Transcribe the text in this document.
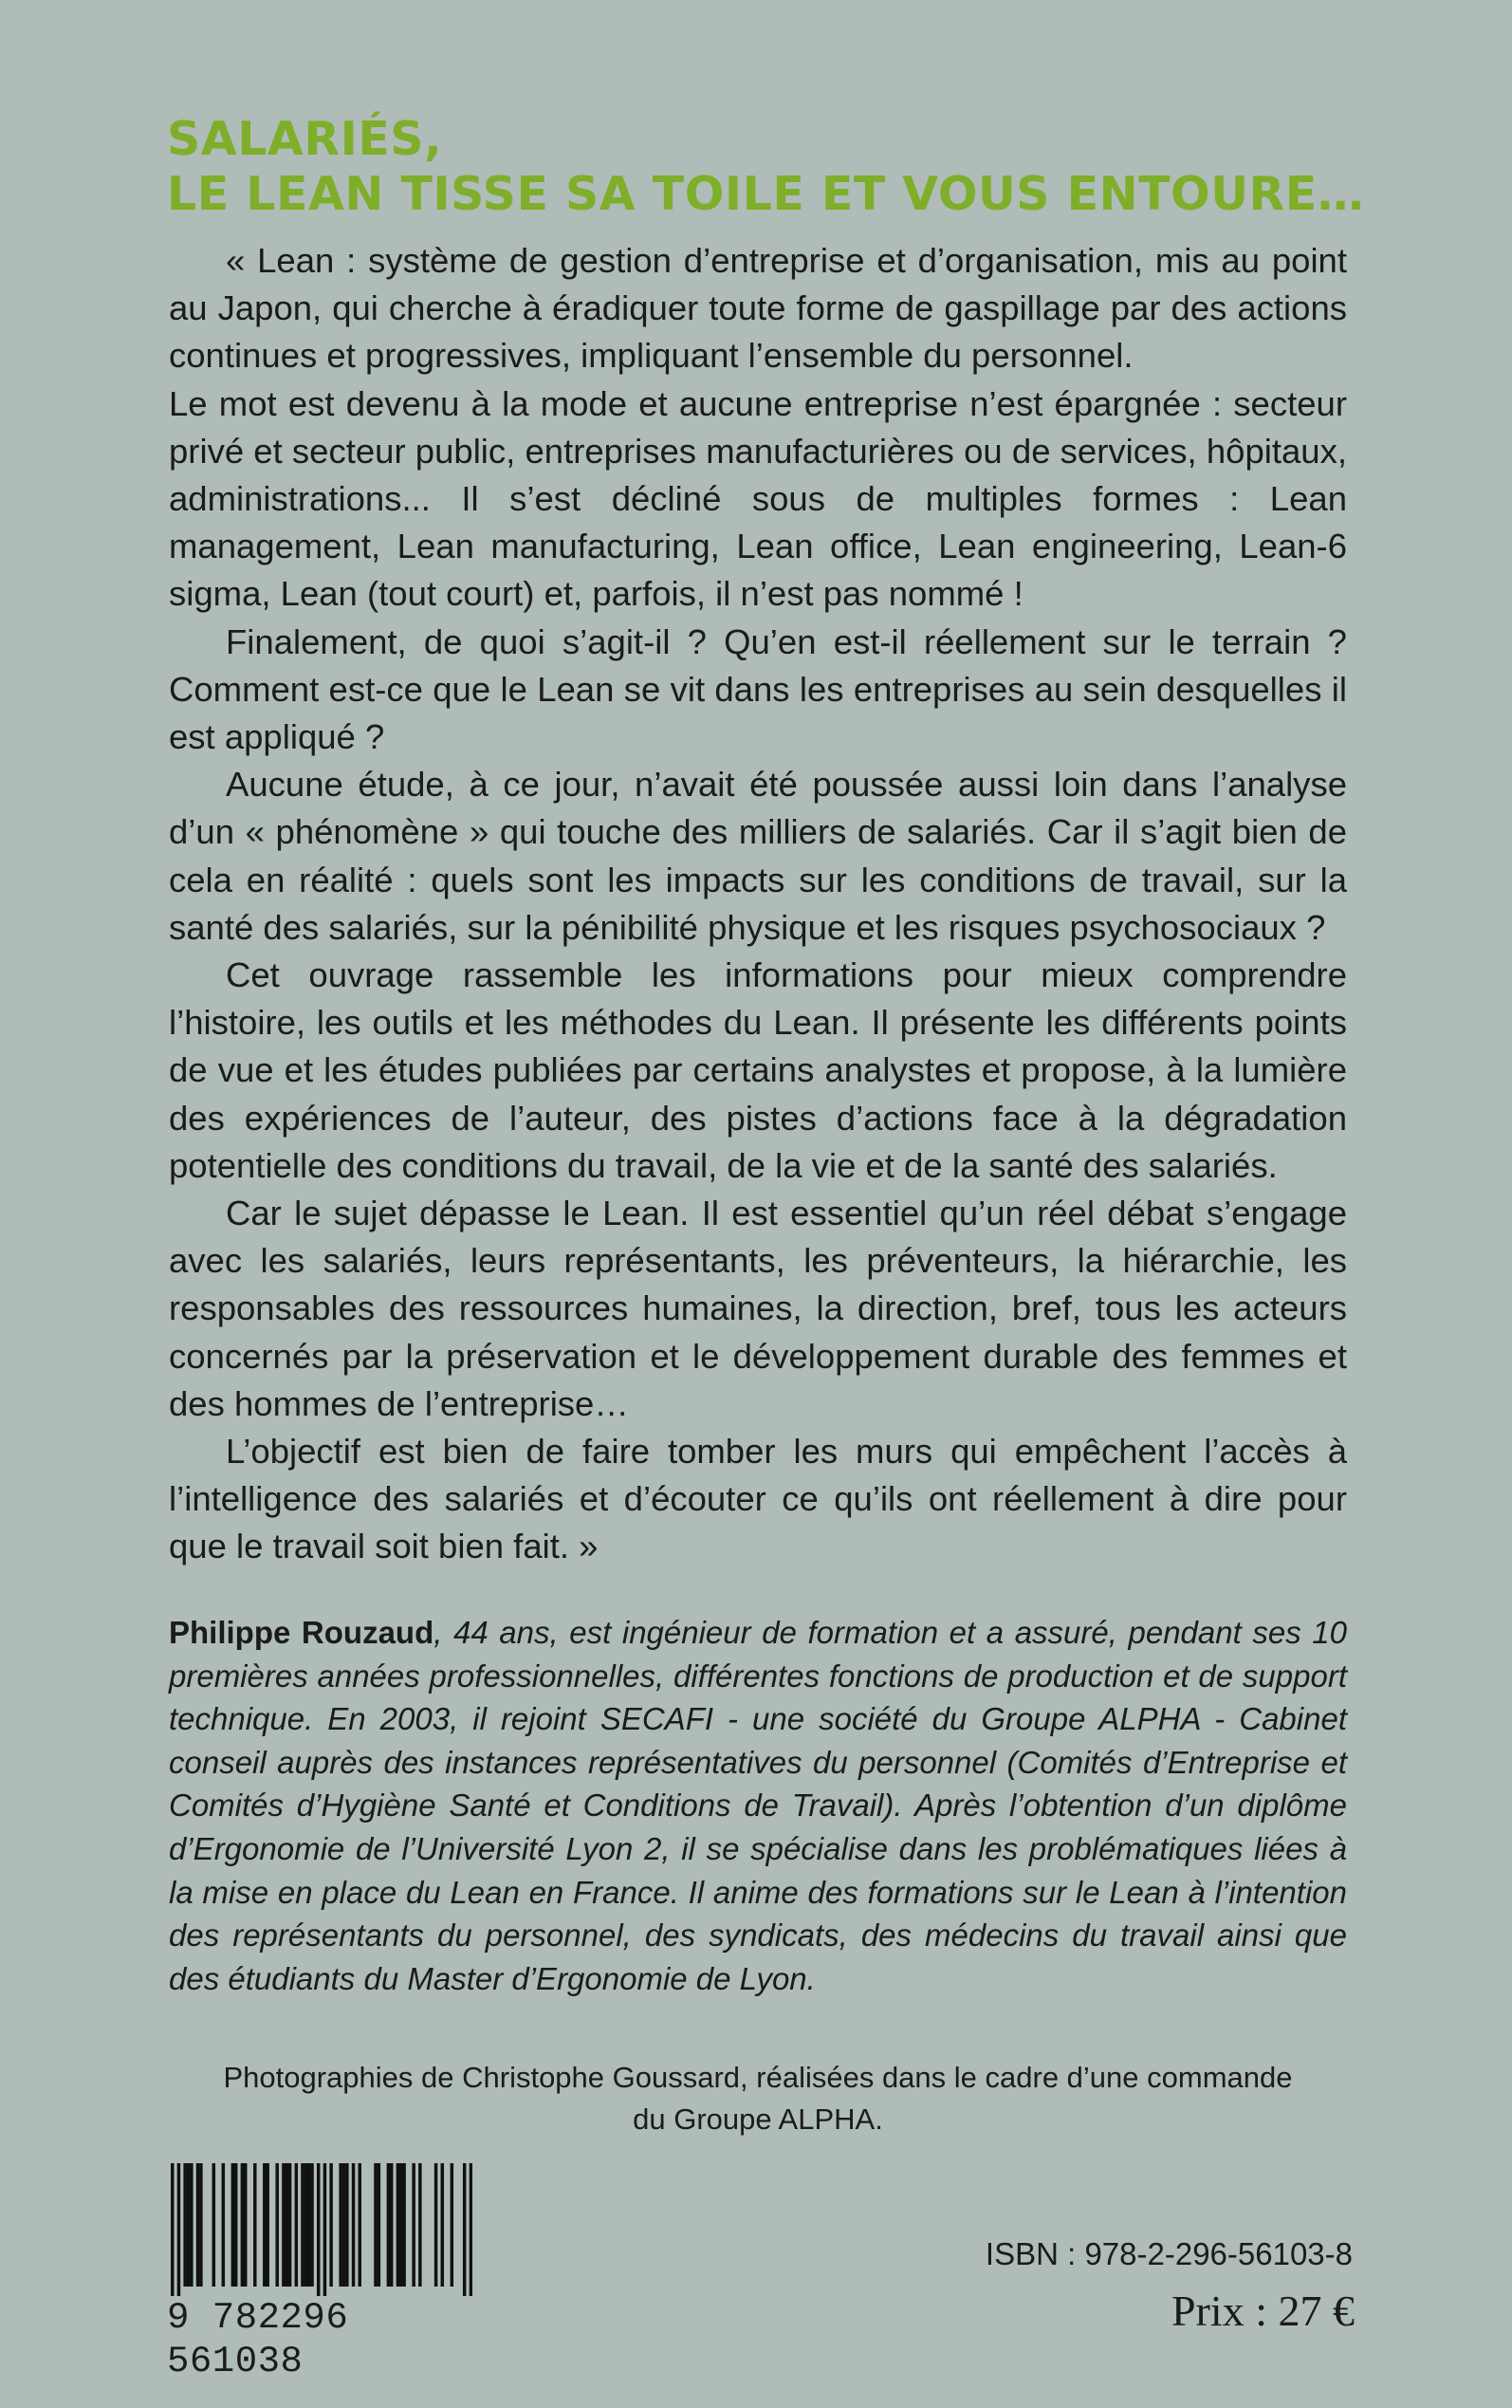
SALARIÉS,
LE LEAN TISSE SA TOILE ET VOUS ENTOURE…

« Lean : système de gestion d’entreprise et d’organisation, mis au point au Japon, qui cherche à éradiquer toute forme de gaspillage par des actions continues et progressives, impliquant l’ensemble du personnel.

Le mot est devenu à la mode et aucune entreprise n’est épargnée : secteur privé et secteur public, entreprises manufacturières ou de services, hôpitaux, administrations... Il s’est décliné sous de multiples formes : Lean management, Lean manufacturing, Lean office, Lean engineering, Lean-6 sigma, Lean (tout court) et, parfois, il n’est pas nommé !

Finalement, de quoi s’agit-il ? Qu’en est-il réellement sur le terrain ? Comment est-ce que le Lean se vit dans les entreprises au sein desquelles il est appliqué ?

Aucune étude, à ce jour, n’avait été poussée aussi loin dans l’analyse d’un « phénomène » qui touche des milliers de salariés. Car il s’agit bien de cela en réalité : quels sont les impacts sur les conditions de travail, sur la santé des salariés, sur la pénibilité physique et les risques psychosociaux ?

Cet ouvrage rassemble les informations pour mieux comprendre l’histoire, les outils et les méthodes du Lean. Il présente les différents points de vue et les études publiées par certains analystes et propose, à la lumière des expériences de l’auteur, des pistes d’actions face à la dégradation potentielle des conditions du travail, de la vie et de la santé des salariés.

Car le sujet dépasse le Lean. Il est essentiel qu’un réel débat s’engage avec les salariés, leurs représentants, les préventeurs, la hiérarchie, les responsables des ressources humaines, la direction, bref, tous les acteurs concernés par la préservation et le développement durable des femmes et des hommes de l’entreprise…

L’objectif est bien de faire tomber les murs qui empêchent l’accès à l’intelligence des salariés et d’écouter ce qu’ils ont réellement à dire pour que le travail soit bien fait. »

Philippe Rouzaud, 44 ans, est ingénieur de formation et a assuré, pendant ses 10 premières années professionnelles, différentes fonctions de production et de support technique. En 2003, il rejoint SECAFI - une société du Groupe ALPHA - Cabinet conseil auprès des instances représentatives du personnel (Comités d’Entreprise et Comités d’Hygiène Santé et Conditions de Travail). Après l’obtention d’un diplôme d’Ergonomie de l’Université Lyon 2, il se spécialise dans les problématiques liées à la mise en place du Lean en France. Il anime des formations sur le Lean à l’intention des représentants du personnel, des syndicats, des médecins du travail ainsi que des étudiants du Master d’Ergonomie de Lyon.

Photographies de Christophe Goussard, réalisées dans le cadre d’une commande
du Groupe ALPHA.
9 782296 561038

ISBN : 978-2-296-56103-8

Prix : 27 €
